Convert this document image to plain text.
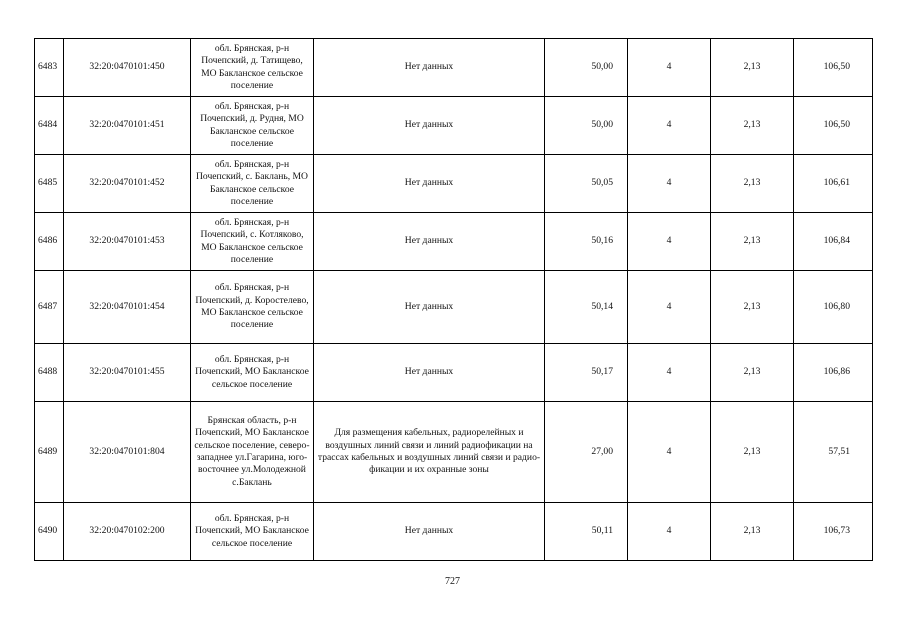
6483	32:20:0470101:450	обл. Брянская, р-н Почепский, д. Татищево, МО Бакланское сельское поселение	Нет данных	50,00	4	2,13	106,50
6484	32:20:0470101:451	обл. Брянская, р-н Почепский, д. Рудня, МО Бакланское сельское поселение	Нет данных	50,00	4	2,13	106,50
6485	32:20:0470101:452	обл. Брянская, р-н Почепский, с. Баклань, МО Бакланское сельское поселение	Нет данных	50,05	4	2,13	106,61
6486	32:20:0470101:453	обл. Брянская, р-н Почепский, с. Котляково, МО Бакланское сельское поселение	Нет данных	50,16	4	2,13	106,84
6487	32:20:0470101:454	обл. Брянская, р-н Почепский, д. Коростелево, МО Бакланское сельское поселение	Нет данных	50,14	4	2,13	106,80
6488	32:20:0470101:455	обл. Брянская, р-н Почепский, МО Бакланское сельское поселение	Нет данных	50,17	4	2,13	106,86
6489	32:20:0470101:804	Брянская область, р-н Почепский, МО Бакланское сельское поселение, северо-западнее ул.Гагарина, юго-восточнее ул.Молодежной с.Баклань	Для размещения кабельных, радиорелейных и воздушных линий связи и линий радиофикации на трассах кабельных и воздушных линий связи и радио-фикации и их охранные зоны	27,00	4	2,13	57,51
6490	32:20:0470102:200	обл. Брянская, р-н Почепский, МО Бакланское сельское поселение	Нет данных	50,11	4	2,13	106,73
727
